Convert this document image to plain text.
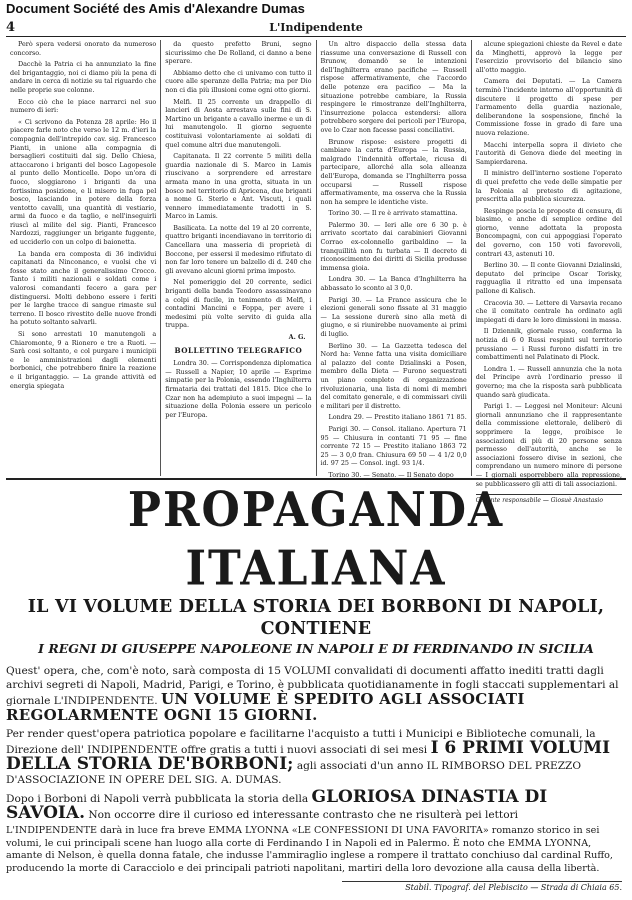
Document Société des Amis d'Alexandre Dumas
4	L'Indipendente

Però spera vedersi onorato da numeroso concorso.

Dacchè la Patria ci ha annunziato la fine del brigantaggio, noi ci diamo più la pena di andare in cerca di notizie su tal riguardo che nelle proprie sue colonne.

Ecco ciò che le piace narrarci nel suo numero di ieri:

« Ci scrivono da Potenza 28 aprile: Ho il piacere farle noto che verso le 12 m. d'ieri la compagnia dell'intrepido cav. sig. Francesco Pianti, in unione alla compagnia di bersaglieri costituiti dal sig. Dello Chiesa, attaccarono i briganti del bosco Lagopesole al punto dello Monticelle. Dopo un'ora di fuoco, sloggiarono i briganti da una fortissima posizione, e li misero in fuga pel bosco, lasciando in potere della forza ventotto cavalli, una quantità di vestiario, armi da fuoco e da taglio, e nell'inseguirli riuscì al milite del sig. Pianti, Francesco Nardozzi, raggiunger un brigante fuggente, ed ucciderlo con un colpo di baionetta.

La banda era composta di 36 individui capitanati da Ninconanco, e vuolsi che vi fosse stato anche il generalissimo Crocco. Tanto i militi nazionali e soldati come i valorosi comandanti fecero a gara per distinguersi. Molti debbono essere i feriti per le larghe tracce di sangue rimaste sul terreno. Il bosco rivestito delle nuove frondi ha potuto soltanto salvarli.

Si sono arrestati 10 manutengoli a Chiaromonte, 9 a Rionero e tre a Ruoti. — Sarà cosi soltanto, e col purgare i municipii e le amministrazioni dagli elementi borbonici, che potrebbero finire la reazione e il brigantaggio. — La grande attività ed energia spiegata

da questo prefetto Bruni, segno sicurissimo che De Rolland, ci danno a bene sperare.

Abbiamo detto che ci univamo con tutto il cuore alle speranze della Patria; ma per Dio non ci dia più illusioni come ogni otto giorni.

Melfi. Il 25 corrente un drappello di lancieri di Aosta arrestava sulle fini di S. Martino un brigante a cavallo inerme e un di lui manutengolo. Il giorno seguente costituivasi volontariamente ai soldati di quel comune altri due manutengoli.

Capitanata. Il 22 corrente 5 militi della guardia nazionale di S. Marco in Lamis riuscivano a sorprendere ed arrestare armata mano in una grotta, situata in un bosco nel territorio di Apricena, due briganti a nome G. Sterlo e Ant. Viscuti, i quali vennero immediatamente tradotti in S. Marco in Lamis.

Basilicata. La notte del 19 al 20 corrente, quattro briganti incendiavano in territorio di Cancellara una masseria di proprietà di Boccone, per essersi il medesimo rifiutato di non far loro tenere un balzello di d. 240 che gli avevano alcuni giorni prima imposto.

Nel pomeriggio del 20 corrente, sedici briganti della banda Teodoro assassinavano a colpi di fucile, in tenimento di Melfi, i contadini Mancini e Foppa, per avere i medesimi più volte servito di guida alla truppa.

A. G.

BOLLETTINO TELEGRAFICO

Londra 30. — Corrispondenza diplomatica — Russell a Napier, 10 aprile — Esprime simpatie per la Polonia, essendo l'Inghilterra firmataria dei trattati del 1815. Dice che lo Czar non ha adempiuto a suoi impegni — la situazione della Polonia essere un pericolo per l'Europa.

Un altro dispaccio della stessa data riassume una conversazione di Russell con Brunow, domandò se le intenzioni dell'Inghilterra erano pacifiche — Russell rispose affermativamente, che l'accordo delle potenze era pacifico — Ma la situazione potrebbe cambiare, la Russia respingere le rimostranze dell'Inghilterra, l'insurrezione polacca estendersi: allora potrebbero sorgere dei pericoli per l'Europa, ove lo Czar non facesse passi conciliativi.

Brunow rispose: esistere progetti di cambiare la carta d'Europa — la Russia, malgrado l'indennità offertale, ricusa di partecipare, allorché alla sola alleanza dell'Europa, domanda se l'Inghilterra possa occuparsi — Russell rispose affermativamente, ma osserva che la Russia non ha sempre le identiche viste.

Torino 30. — Il re è arrivato stamattina.

Palermo 30. — Ieri alle ore 6 30 p. è arrivato scortato dai carabinieri Giovanni Corrao ex-colonnello garibaldino — la tranquillità non fu turbata — Il decreto di riconoscimento dei diritti di Sicilia produsse immensa gioia.

Londra 30. — La Banca d'Inghilterra ha abbassato lo sconto al 3 0,0.

Parigi 30. — La France assicura che le elezioni generali sono fissate al 31 maggio — La sessione durerà sino alla metà di giugno, e si riunirebbe nuovamente ai primi di luglio.

Berlino 30. — La Gazzetta tedesca del Nord ha: Venne fatta una visita domiciliare al palazzo del conte Dzialinski a Posen, membro della Dieta — Furono sequestrati un piano completo di organizzazione rivoluzionaria, una lista di nomi di membri del comitato generale, e di commissari civili e militari per il distretto.

Londra 29. — Prestito italiano 1861 71 85.

Parigi 30. — Consol. italiano. Apertura 71 95 — Chiusura in contanti 71 95 — fine corrente 72 15 — Prestito italiano 1863 72 25 — 3 0,0 fran. Chiusura 69 50 — 4 1/2 0,0 id. 97 25 — Consol. ingl. 93 1/4.

Torino 30. — Senato. — Il Senato dopo

alcune spiegazioni chieste da Revel e date da Minghetti, approvò la legge per l'esercizio provvisorio del bilancio sino all'otto maggio.

Camera dei Deputati. — La Camera terminò l'incidente intorno all'opportunità di discutere il progetto di spese per l'armamento della guardia nazionale, deliberandone la sospensione, finché la Commissione fosse in grado di fare una nuova relazione.

Macchi interpella sopra il divieto che l'autorità di Genova diede del meeting in Sampierdarena.

Il ministro dell'interno sostiene l'operato di quei prefetto che vede delle simpatie per la Polonia al pretesto di agitazione, prescritta alla pubblica sicurezza.

Respinge poscia le proposte di censura, di biasimo, e anche di semplice ordine del giorno, venne adottata la proposta Boncompagni, con cui appoggiasi l'operato del governo, con 150 voti favorevoli, contrari 43, astenuti 10.

Berlino 30. — Il conte Giovanni Dzialinski, deputato del principe Oscar Torisky, ragguaglia il ritratto ed una impensata pallone di Kalisch.

Cracovia 30. — Lettere di Varsavia recano che il comitato centrale ha ordinato agli impiegati di dare le loro dimissioni in massa.

Il Dziennik, giornale russo, conferma la notizia di 6 0 Russi respinti sul territorio prussiano — i Russi furono disfatti in tre combattimenti nel Palatinato di Plock.

Londra 1. — Russell annunzia che la nota del Principe avrà l'ordinario presso il governo; ma che la risposta sarà pubblicata quando sarà giudicata.

Parigi 1. — Leggesi nel Moniteur: Alcuni giornali annunziano che il rappresentante della commissione elettorale, deliberò di sopprimere la legge, proibisce le associazioni di più di 20 persone senza permesso dell'autorità, anche se le associazioni fossero divise in sezioni, che comprendano un numero minore di persone — I giornali esporrebbero alla repressione, se pubblicassero gli atti di tali associazioni.

Gerente responsabile — Giosuè Anastasio
PROPAGANDA ITALIANA
IL VI VOLUME DELLA STORIA DEI BORBONI DI NAPOLI, CONTIENE
I REGNI DI GIUSEPPE NAPOLEONE IN NAPOLI E DI FERDINANDO IN SICILIA

Quest' opera, che, com'è noto, sarà composta di 15 VOLUMI convalidati di documenti affatto inediti tratti dagli archivi segreti di Napoli, Madrid, Parigi, e Torino, è pubblicata quotidianamente in fogli staccati supplementari al giornale L'INDIPENDENTE. UN VOLUME È SPEDITO AGLI ASSOCIATI REGOLARMENTE OGNI 15 GIORNI.

Per render quest'opera patriotica popolare e facilitarne l'acquisto a tutti i Municipi e Biblioteche comunali, la Direzione dell' INDIPENDENTE offre gratis a tutti i nuovi associati di sei mesi I 6 PRIMI VOLUMI DELLA STORIA DE'BORBONI; agli associati d'un anno IL RIMBORSO DEL PREZZO D'ASSOCIAZIONE IN OPERE DEL SIG. A. DUMAS.

Dopo i Borboni di Napoli verrà pubblicata la storia della GLORIOSA DINASTIA DI SAVOIA. Non occorre dire il curioso ed interessante contrasto che ne risulterà pei lettori

L'INDIPENDENTE darà in luce fra breve EMMA LYONNA «LE CONFESSIONI DI UNA FAVORITA» romanzo storico in sei volumi, le cui principali scene han luogo alla corte di Ferdinando I in Napoli ed in Palermo. È noto che EMMA LYONNA, amante di Nelson, è quella donna fatale, che indusse l'ammiraglio inglese a rompere il trattato conchiuso dal cardinal Ruffo, producendo la morte di Caracciolo e dei principali patrioti napolitani, martiri della loro devozione alla causa della libertà.

Stabil. Tipograf. del Plebiscito — Strada di Chiaia 65.
